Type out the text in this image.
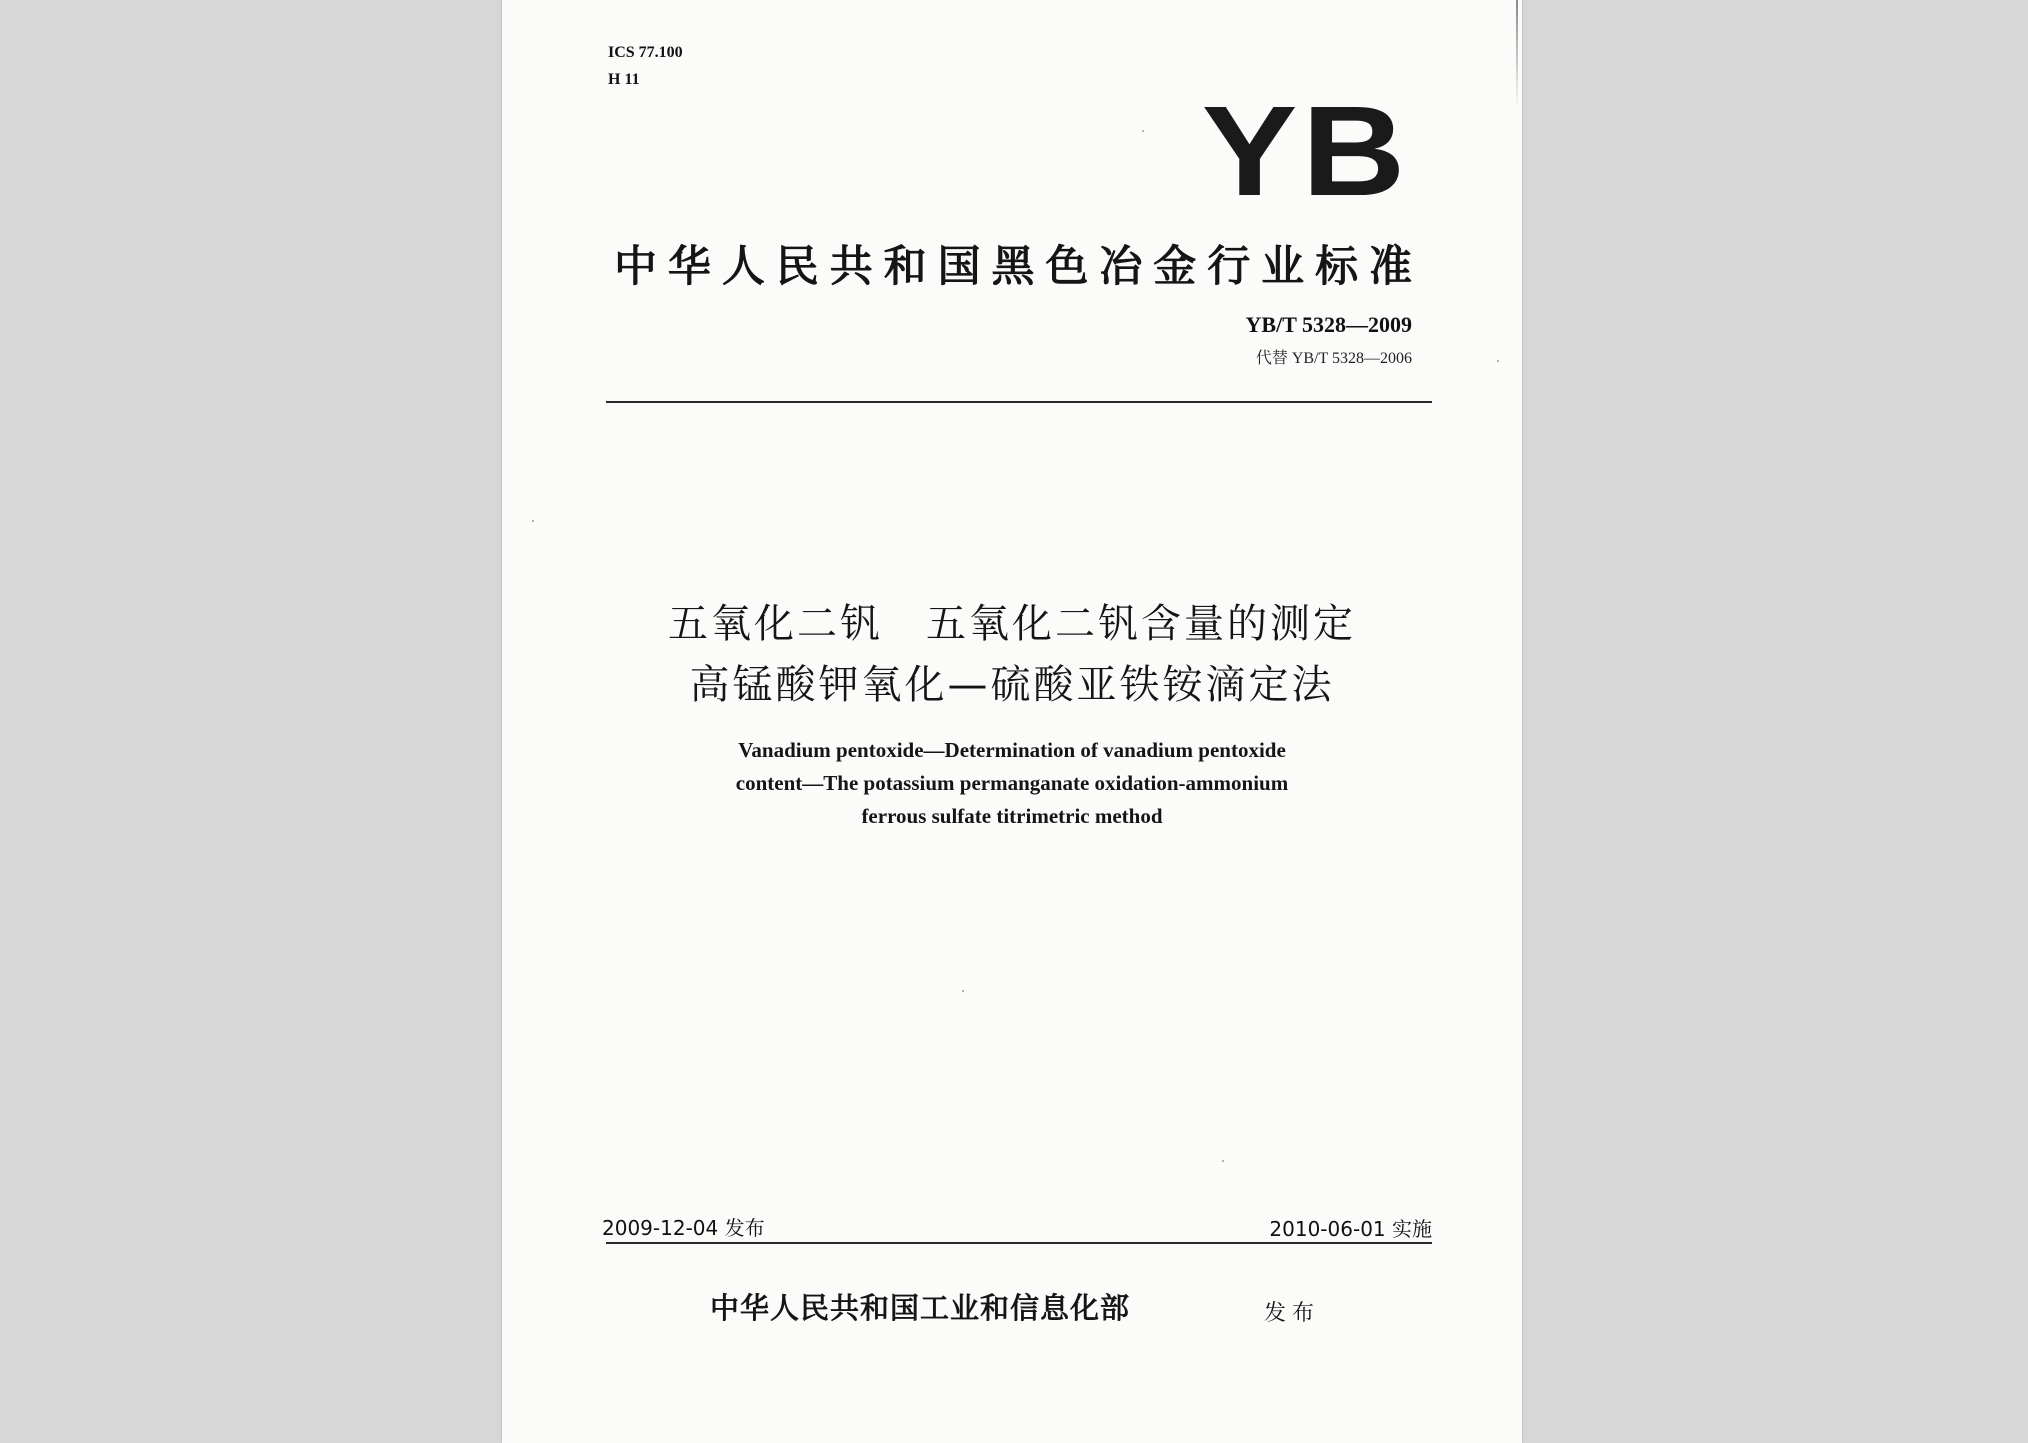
ICS 77.100
H 11
YB
中华人民共和国黑色冶金行业标准
YB/T 5328—2009
代替 YB/T 5328—2006
五氧化二钒　五氧化二钒含量的测定
高锰酸钾氧化—硫酸亚铁铵滴定法
Vanadium pentoxide—Determination of vanadium pentoxide
content—The potassium permanganate oxidation-ammonium
ferrous sulfate titrimetric method
2009-12-04 发布	2010-06-01 实施
中华人民共和国工业和信息化部	发布
